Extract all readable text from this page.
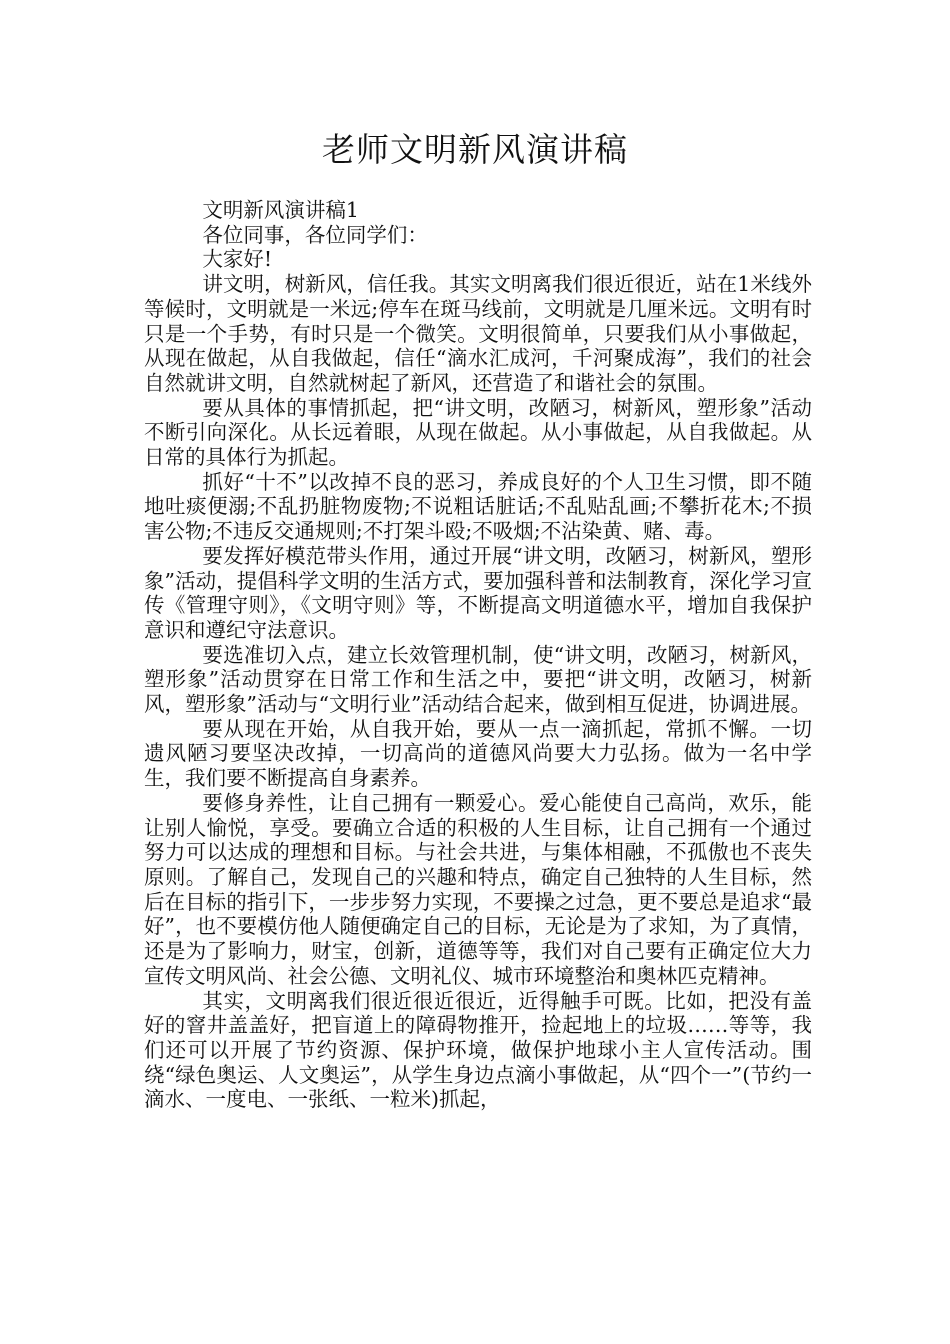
老师文明新风演讲稿

文明新风演讲稿1

各位同事，各位同学们：

大家好!

讲文明，树新风，信任我。其实文明离我们很近很近，站在1米线外等候时，文明就是一米远;停车在斑马线前，文明就是几厘米远。文明有时只是一个手势，有时只是一个微笑。文明很简单，只要我们从小事做起，从现在做起，从自我做起，信任“滴水汇成河，千河聚成海”，我们的社会自然就讲文明，自然就树起了新风，还营造了和谐社会的氛围。

要从具体的事情抓起，把“讲文明，改陋习，树新风，塑形象”活动不断引向深化。从长远着眼，从现在做起。从小事做起，从自我做起。从日常的具体行为抓起。

抓好“十不”以改掉不良的恶习，养成良好的个人卫生习惯，即不随地吐痰便溺;不乱扔脏物废物;不说粗话脏话;不乱贴乱画;不攀折花木;不损害公物;不违反交通规则;不打架斗殴;不吸烟;不沾染黄、赌、毒。

要发挥好模范带头作用，通过开展“讲文明，改陋习，树新风，塑形象”活动，提倡科学文明的生活方式，要加强科普和法制教育，深化学习宣传《管理守则》，《文明守则》等，不断提高文明道德水平，增加自我保护意识和遵纪守法意识。

要选准切入点，建立长效管理机制，使“讲文明，改陋习，树新风，塑形象”活动贯穿在日常工作和生活之中，要把“讲文明，改陋习，树新风，塑形象”活动与“文明行业”活动结合起来，做到相互促进，协调进展。

要从现在开始，从自我开始，要从一点一滴抓起，常抓不懈。一切遗风陋习要坚决改掉，一切高尚的道德风尚要大力弘扬。做为一名中学生，我们要不断提高自身素养。

要修身养性，让自己拥有一颗爱心。爱心能使自己高尚，欢乐，能让别人愉悦，享受。要确立合适的积极的人生目标，让自己拥有一个通过努力可以达成的理想和目标。与社会共进，与集体相融，不孤傲也不丧失原则。了解自己，发现自己的兴趣和特点，确定自己独特的人生目标，然后在目标的指引下，一步步努力实现，不要操之过急，更不要总是追求“最好”，也不要模仿他人随便确定自己的目标，无论是为了求知，为了真情，还是为了影响力，财宝，创新，道德等等，我们对自己要有正确定位大力宣传文明风尚、社会公德、文明礼仪、城市环境整治和奥林匹克精神。

其实，文明离我们很近很近很近，近得触手可既。比如，把没有盖好的窨井盖盖好，把盲道上的障碍物推开，捡起地上的垃圾……等等，我们还可以开展了节约资源、保护环境，做保护地球小主人宣传活动。围绕“绿色奥运、人文奥运”，从学生身边点滴小事做起，从“四个一”(节约一滴水、一度电、一张纸、一粒米)抓起，
